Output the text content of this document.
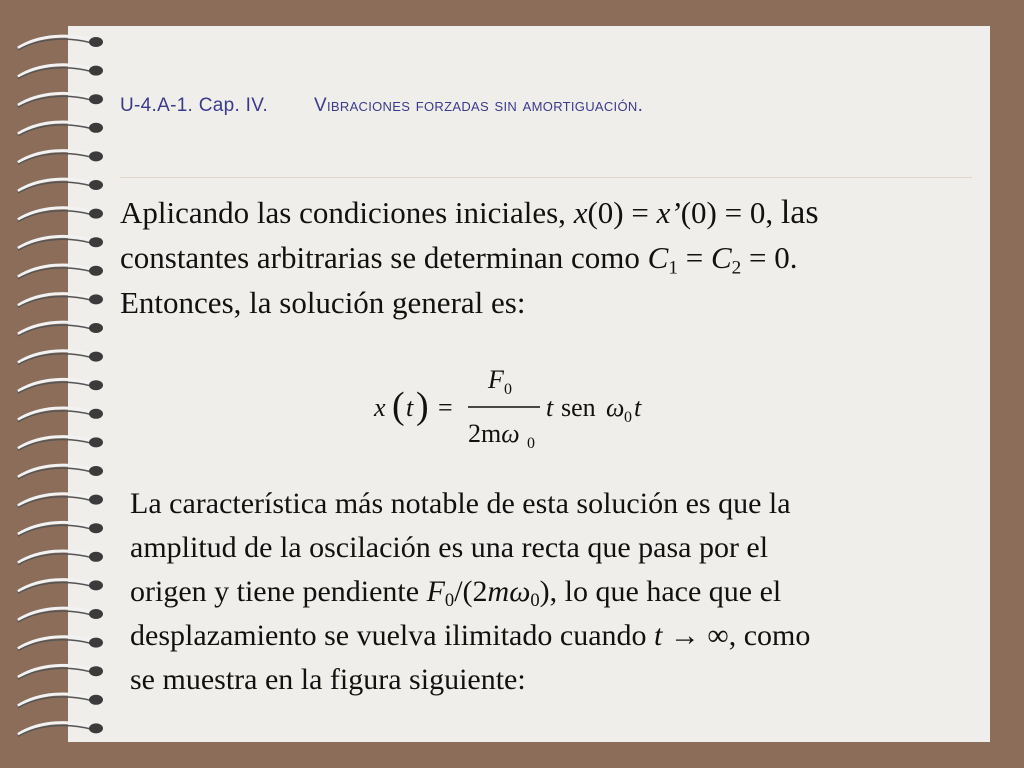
U-4.A-1. Cap. IV. Vibraciones forzadas sin amortiguación.
Aplicando las condiciones iniciales, x(0) = x’(0) = 0, las
constantes arbitrarias se determinan como $C_1 = C_2 = 0$.
Entonces, la solución general es:
x ( t ) =
F 0
2mω 0
t sen ω 0 t
La característica más notable de esta solución es que la
amplitud de la oscilación es una recta que pasa por el
origen y tiene pendiente $F_0/(2m\omega_0)$, lo que hace que el
desplazamiento se vuelva ilimitado cuando t → ∞, como
se muestra en la figura siguiente:
